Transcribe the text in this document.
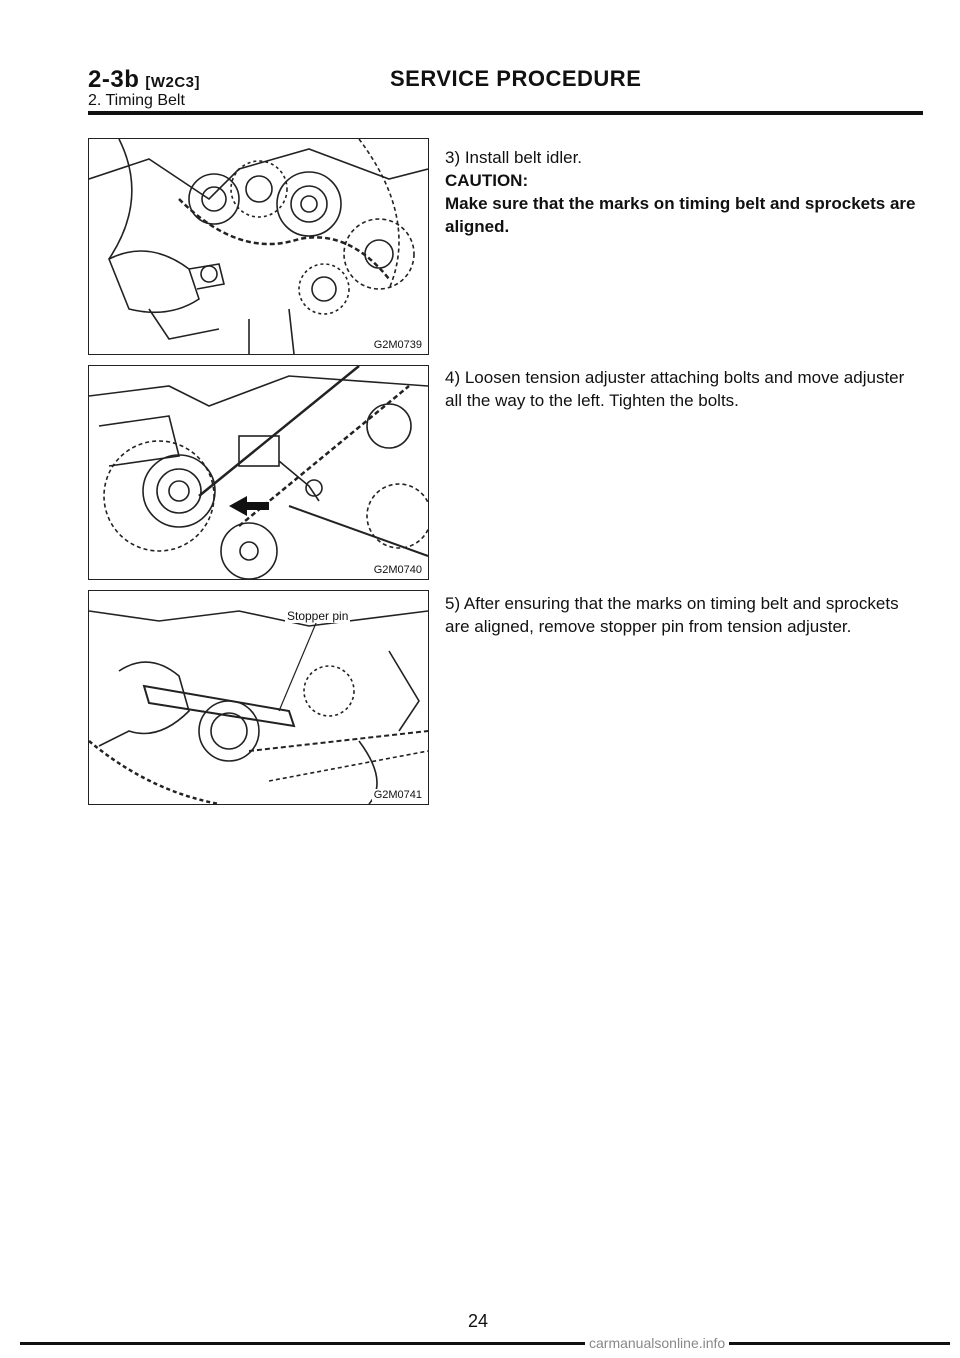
2-3b [W2C3]
2. Timing Belt
SERVICE PROCEDURE
G2M0739
G2M0740
Stopper pin
G2M0741

3) Install belt idler.

CAUTION:

Make sure that the marks on timing belt and sprockets are aligned.

4) Loosen tension adjuster attaching bolts and move adjuster all the way to the left. Tighten the bolts.

5) After ensuring that the marks on timing belt and sprockets are aligned, remove stopper pin from tension adjuster.

24
carmanualsonline.info
